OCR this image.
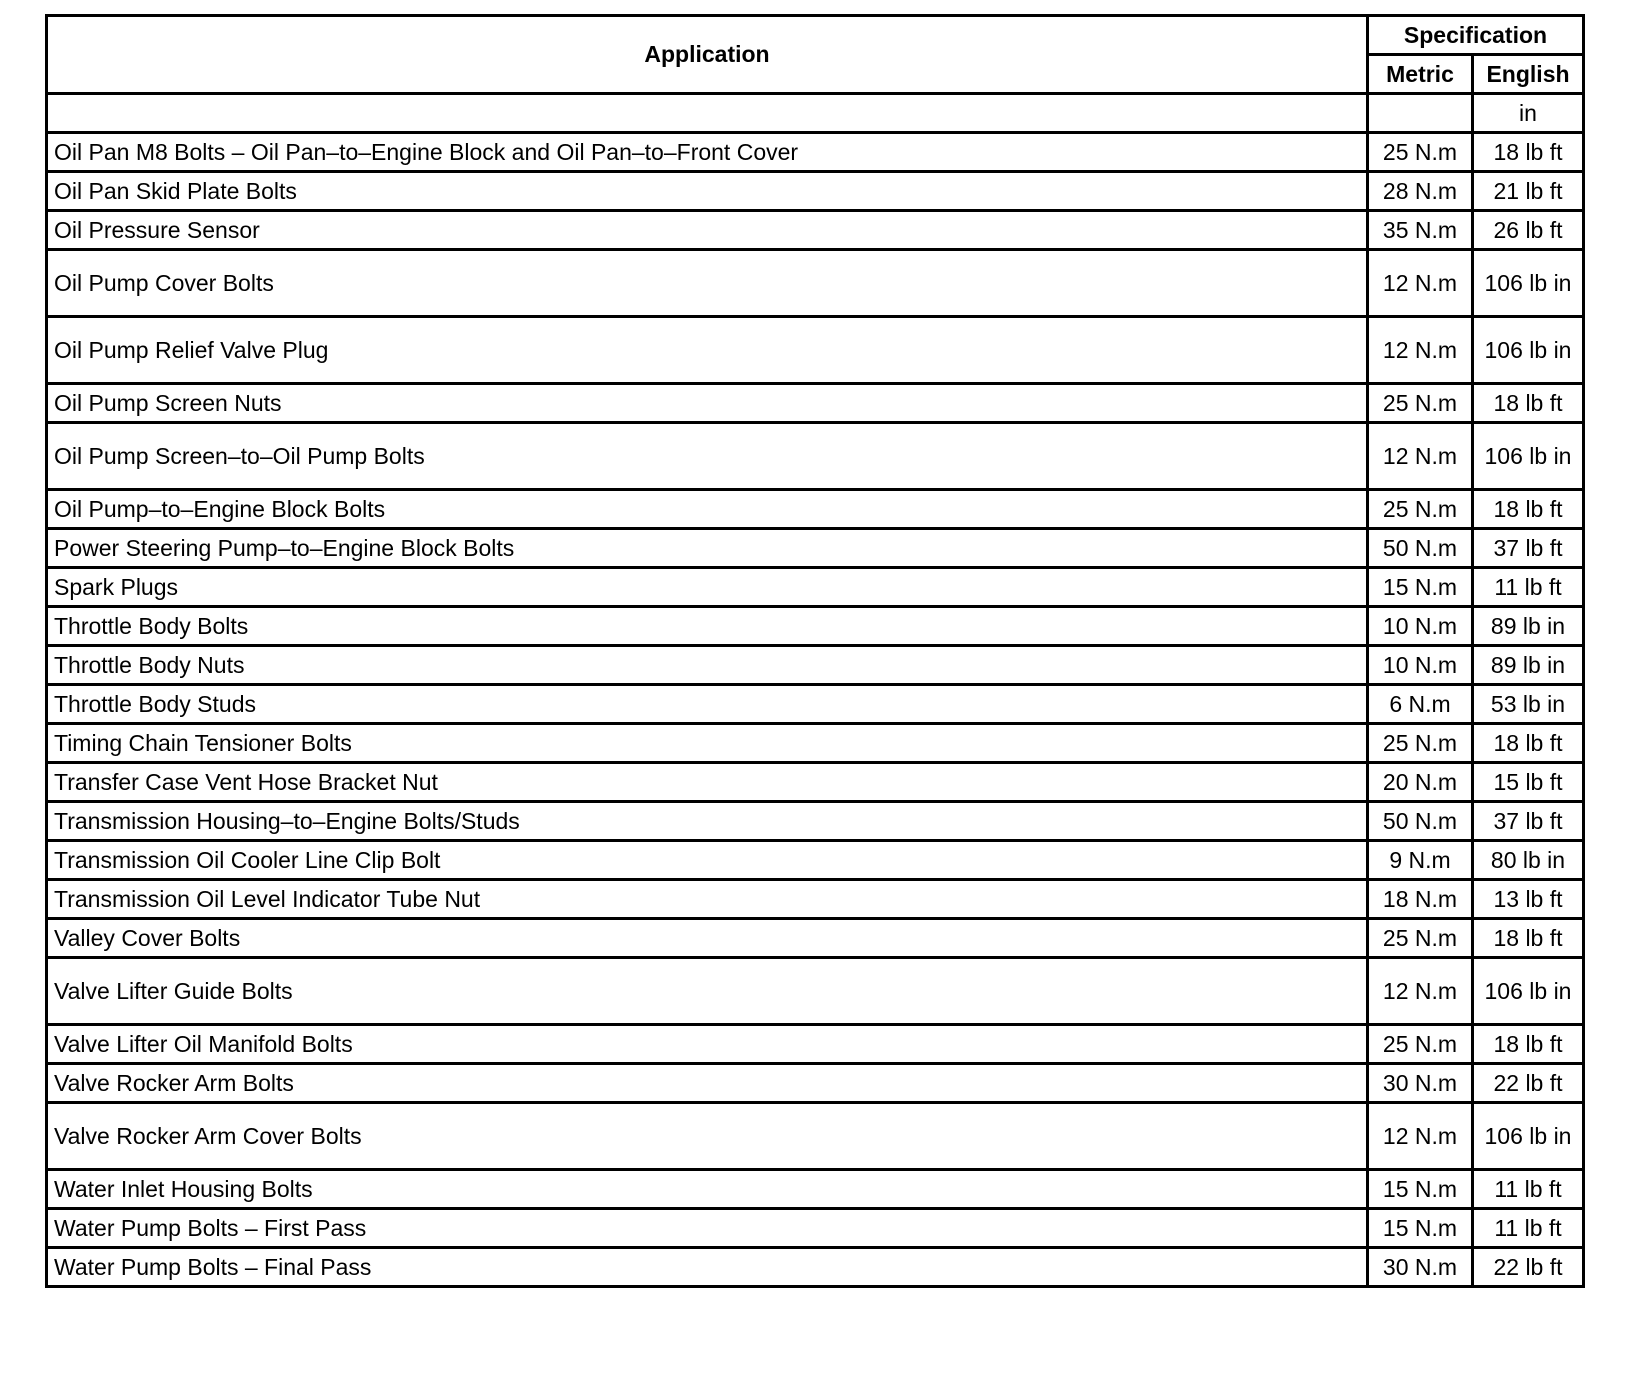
Application	Specification	
	Metric	English
		in
Oil Pan M8 Bolts – Oil Pan–to–Engine Block and Oil Pan–to–Front Cover	25 N.m	18 lb ft
Oil Pan Skid Plate Bolts	28 N.m	21 lb ft
Oil Pressure Sensor	35 N.m	26 lb ft
Oil Pump Cover Bolts	12 N.m	106 lb in
Oil Pump Relief Valve Plug	12 N.m	106 lb in
Oil Pump Screen Nuts	25 N.m	18 lb ft
Oil Pump Screen–to–Oil Pump Bolts	12 N.m	106 lb in
Oil Pump–to–Engine Block Bolts	25 N.m	18 lb ft
Power Steering Pump–to–Engine Block Bolts	50 N.m	37 lb ft
Spark Plugs	15 N.m	11 lb ft
Throttle Body Bolts	10 N.m	89 lb in
Throttle Body Nuts	10 N.m	89 lb in
Throttle Body Studs	6 N.m	53 lb in
Timing Chain Tensioner Bolts	25 N.m	18 lb ft
Transfer Case Vent Hose Bracket Nut	20 N.m	15 lb ft
Transmission Housing–to–Engine Bolts/Studs	50 N.m	37 lb ft
Transmission Oil Cooler Line Clip Bolt	9 N.m	80 lb in
Transmission Oil Level Indicator Tube Nut	18 N.m	13 lb ft
Valley Cover Bolts	25 N.m	18 lb ft
Valve Lifter Guide Bolts	12 N.m	106 lb in
Valve Lifter Oil Manifold Bolts	25 N.m	18 lb ft
Valve Rocker Arm Bolts	30 N.m	22 lb ft
Valve Rocker Arm Cover Bolts	12 N.m	106 lb in
Water Inlet Housing Bolts	15 N.m	11 lb ft
Water Pump Bolts – First Pass	15 N.m	11 lb ft
Water Pump Bolts – Final Pass	30 N.m	22 lb ft
